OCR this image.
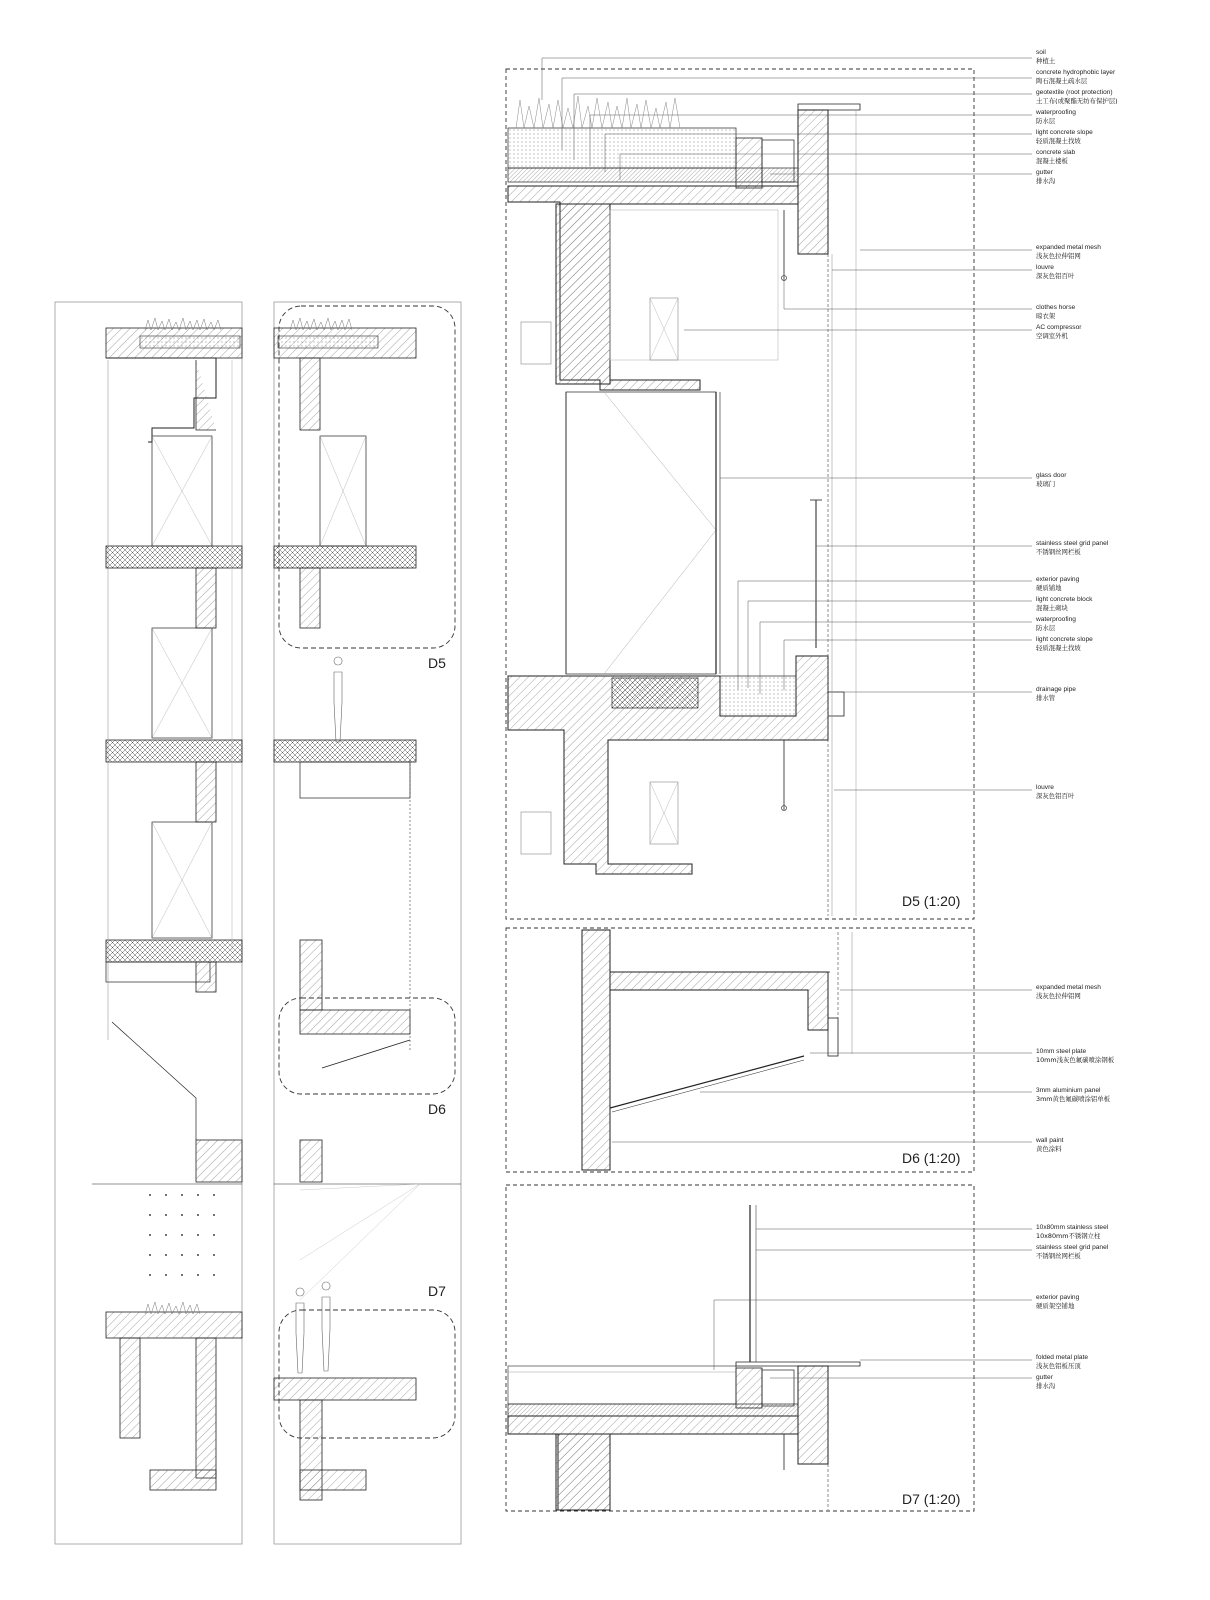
D5
D6
D7
D5 (1:20)
D6 (1:20)
D7 (1:20)
soil
种植土
concrete hydrophobic layer
陶石混凝土疏水层
geotextile (root protection)
土工布(或聚酯无纺布保护层)
waterproofing
防水层
light concrete slope
轻质混凝土找坡
concrete slab
混凝土楼板
gutter
排水沟
expanded metal mesh
浅灰色拉伸铝网
louvre
深灰色铝百叶
clothes horse
晾衣架
AC compressor
空调室外机
glass door
玻璃门
stainless steel grid panel
不锈钢丝网栏板
exterior paving
硬质铺地
light concrete block
混凝土砌块
waterproofing
防水层
light concrete slope
轻质混凝土找坡
drainage pipe
排水管
louvre
深灰色铝百叶
expanded metal mesh
浅灰色拉伸铝网
10mm steel plate
10mm浅灰色氟碳喷涂钢板
3mm aluminium panel
3mm黄色氟碳喷涂铝单板
wall paint
黄色涂料
10x80mm stainless steel
10x80mm不锈钢立柱
stainless steel grid panel
不锈钢丝网栏板
exterior paving
硬质架空铺地
folded metal plate
浅灰色铝板压顶
gutter
排水沟
